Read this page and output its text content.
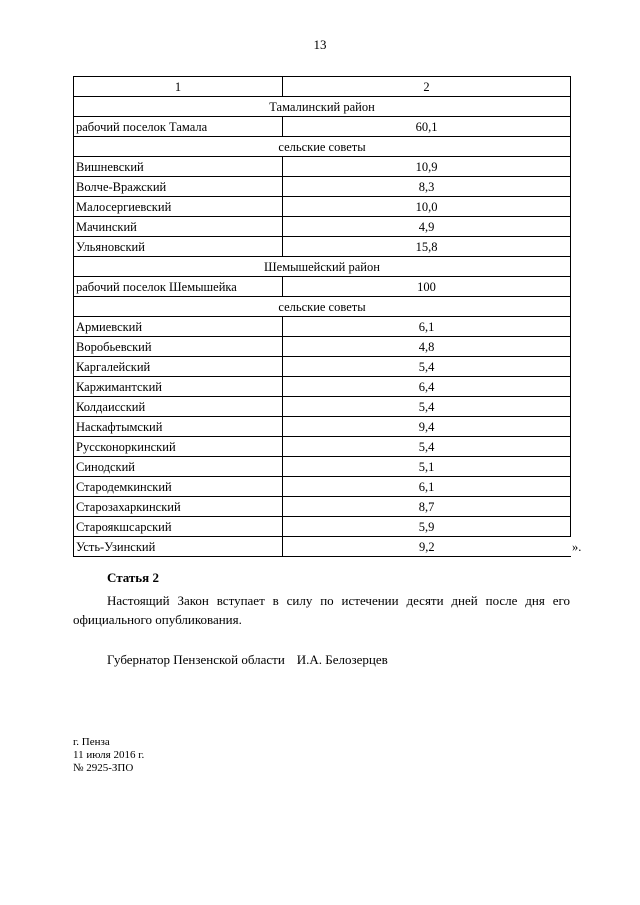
13
1	2
Тамалинский район	
рабочий поселок Тамала	60,1
сельские советы	
Вишневский	10,9
Волче-Вражский	8,3
Малосергиевский	10,0
Мачинский	4,9
Ульяновский	15,8
Шемышейский район	
рабочий поселок Шемышейка	100
сельские советы	
Армиевский	6,1
Воробьевский	4,8
Каргалейский	5,4
Каржимантский	6,4
Колдаисский	5,4
Наскафтымский	9,4
Руссконоркинский	5,4
Синодский	5,1
Стародемкинский	6,1
Старозахаркинский	8,7
Староякшсарский	5,9
Усть-Узинский	9,2	».
Статья 2
Настоящий Закон вступает в силу по истечении десяти дней после дня его официального опубликования.
Губернатор Пензенской области И.А. Белозерцев
г. Пенза
11 июля 2016 г.
№ 2925-ЗПО
